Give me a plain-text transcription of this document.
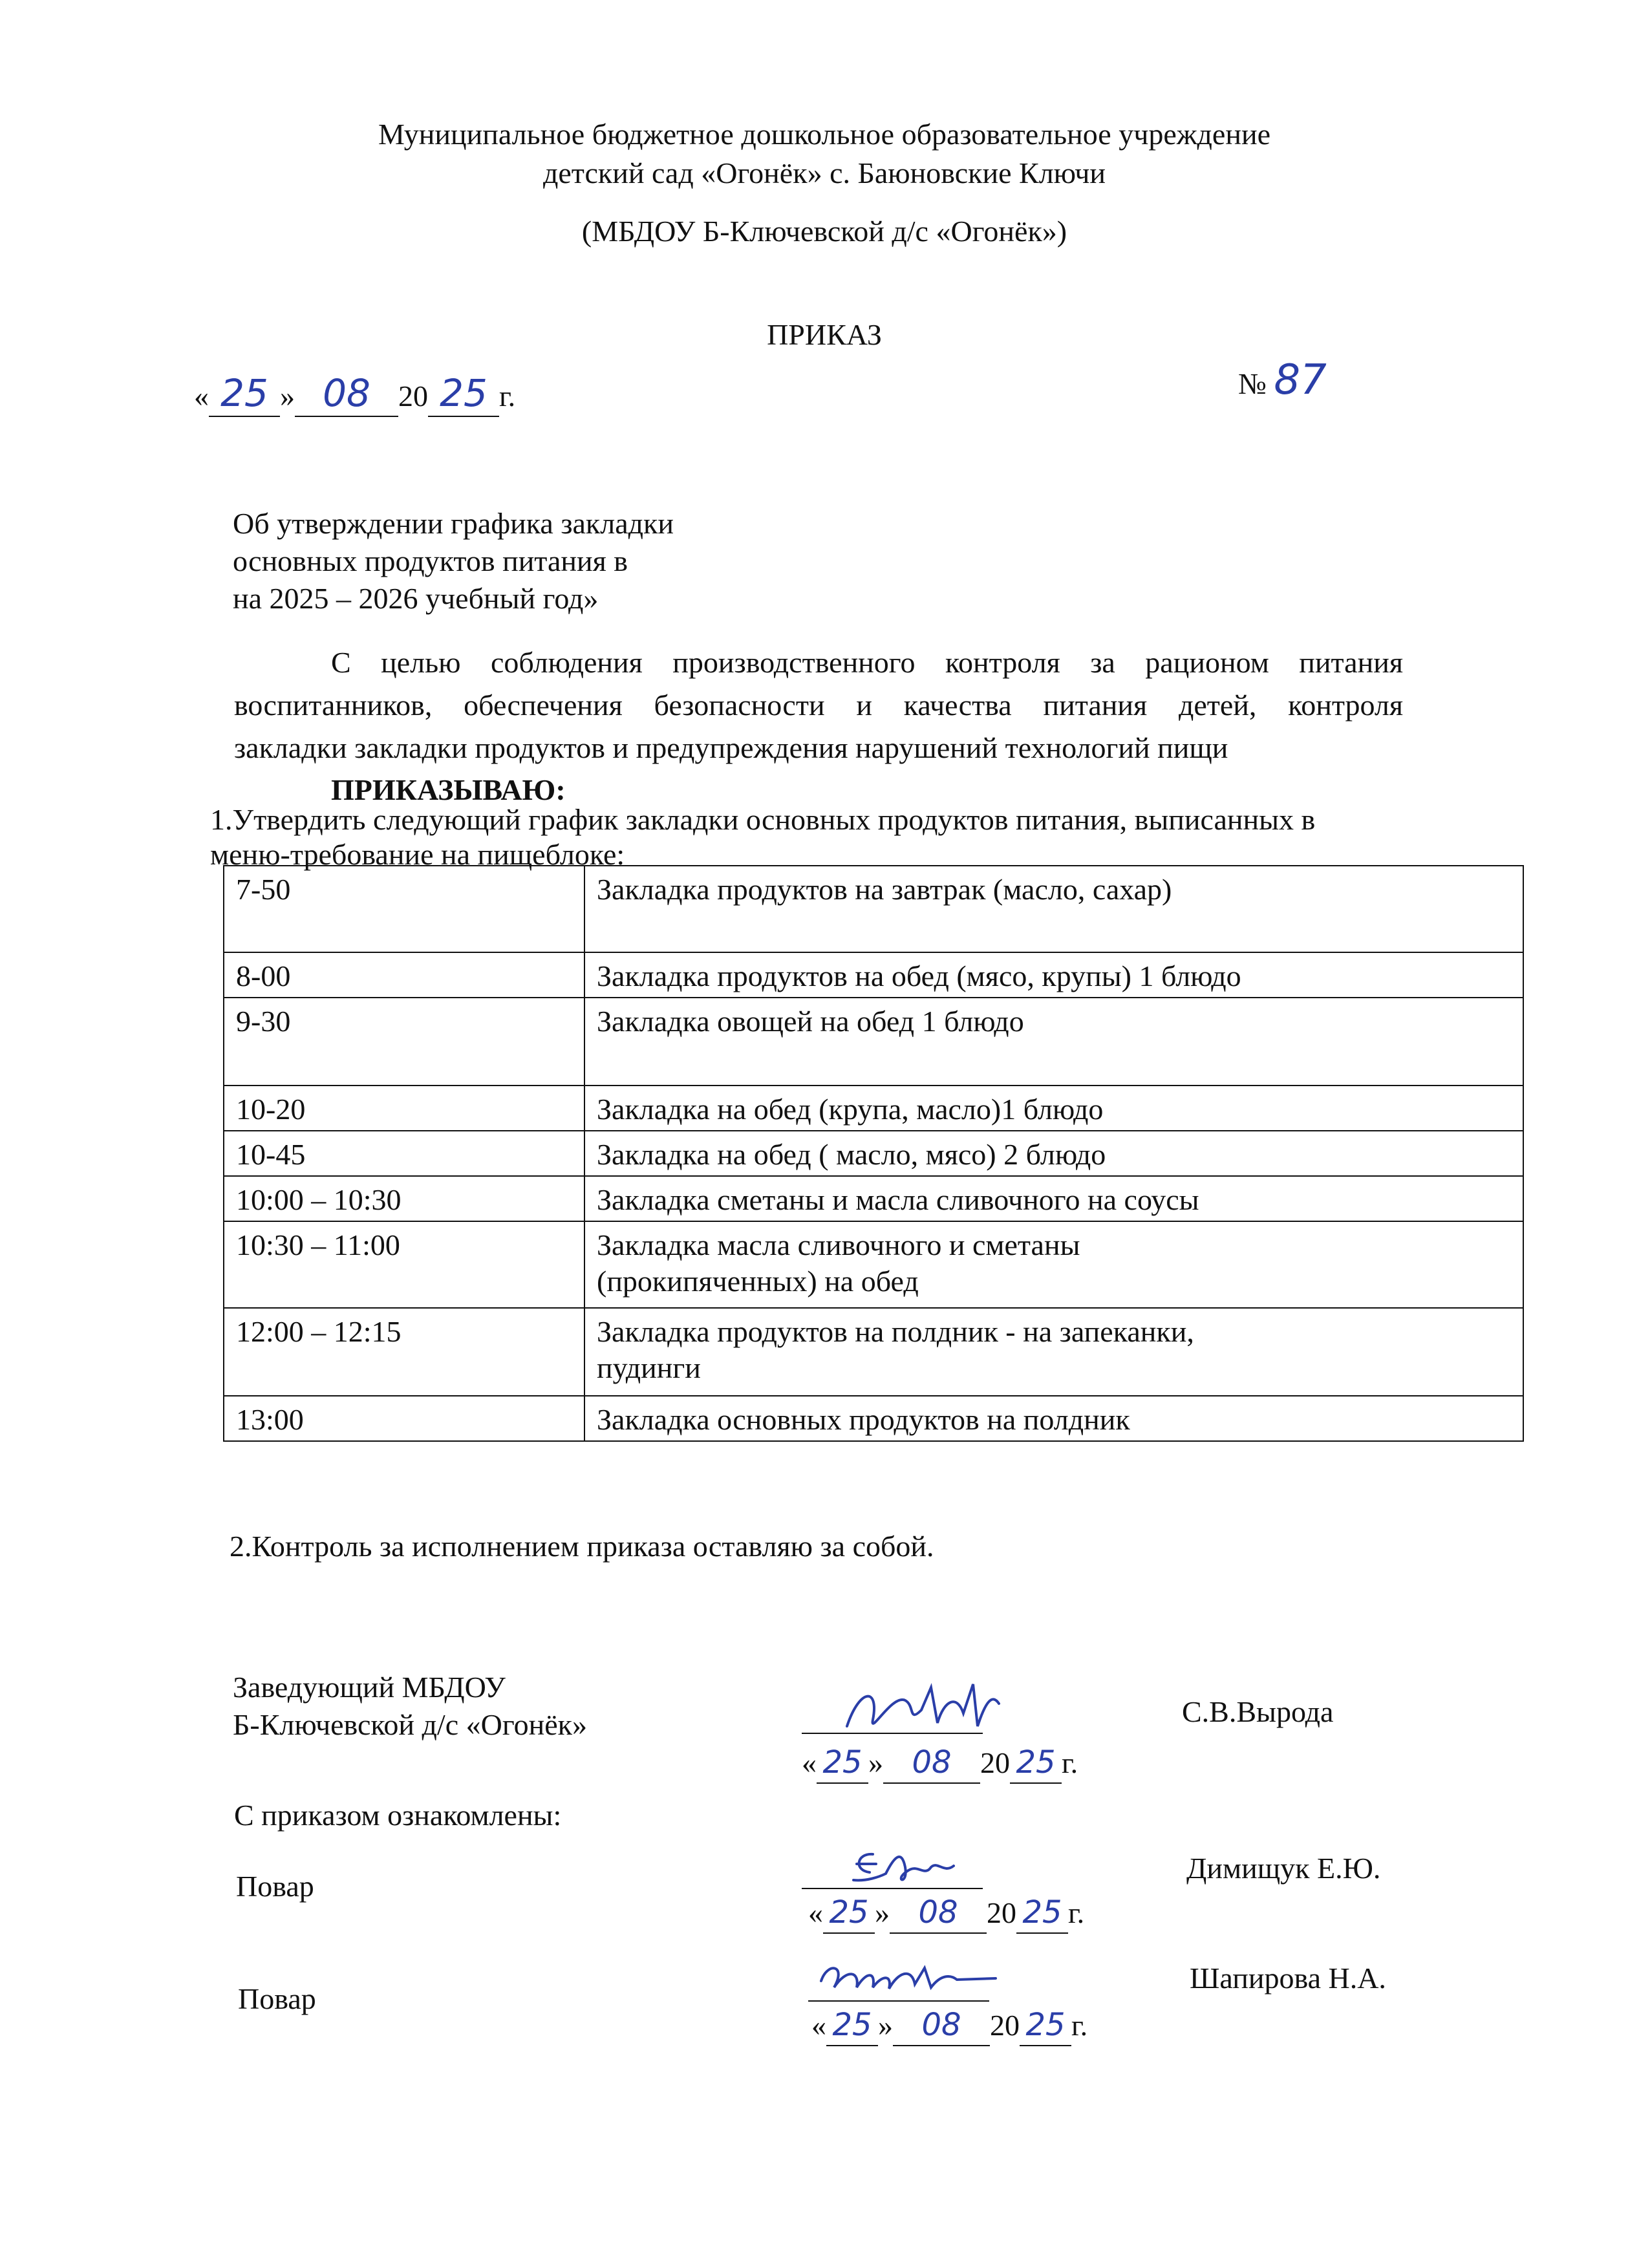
Муниципальное бюджетное дошкольное образовательное учреждение
детский сад «Огонёк» с. Баюновские Ключи
(МБДОУ Б-Ключевской д/с «Огонёк»)
ПРИКАЗ
« 25 » 08 20 25 г.	№ 87
Об утверждении графика закладки
основных продуктов питания в
на 2025 – 2026 учебный год»
С целью соблюдения производственного контроля за рационом питания
воспитанников, обеспечения безопасности и качества питания детей, контроля
закладки закладки продуктов и предупреждения нарушений технологий пищи
ПРИКАЗЫВАЮ:
1.Утвердить следующий график закладки основных продуктов питания, выписанных в
меню-требование на пищеблоке:
7-50	Закладка продуктов на завтрак (масло, сахар)
8-00	Закладка продуктов на обед (мясо, крупы) 1 блюдо
9-30	Закладка овощей на обед 1 блюдо
10-20	Закладка на обед (крупа, масло)1 блюдо
10-45	Закладка на обед ( масло, мясо) 2 блюдо
10:00 – 10:30	Закладка сметаны и масла сливочного на соусы
10:30 – 11:00	Закладка масла сливочного и сметаны
(прокипяченных) на обед

12:00 – 12:15	Закладка продуктов на полдник - на запеканки,
пудинги

13:00	Закладка основных продуктов на полдник
2.Контроль за исполнением приказа оставляю за собой.
Заведующий МБДОУ
Б-Ключевской д/с «Огонёк»
« 25 » 08 20 25 г.
С.В.Вырода
С приказом ознакомлены:
Повар
« 25 » 08 20 25 г.
Димищук Е.Ю.
Повар
« 25 » 08 20 25 г.
Шапирова Н.А.
